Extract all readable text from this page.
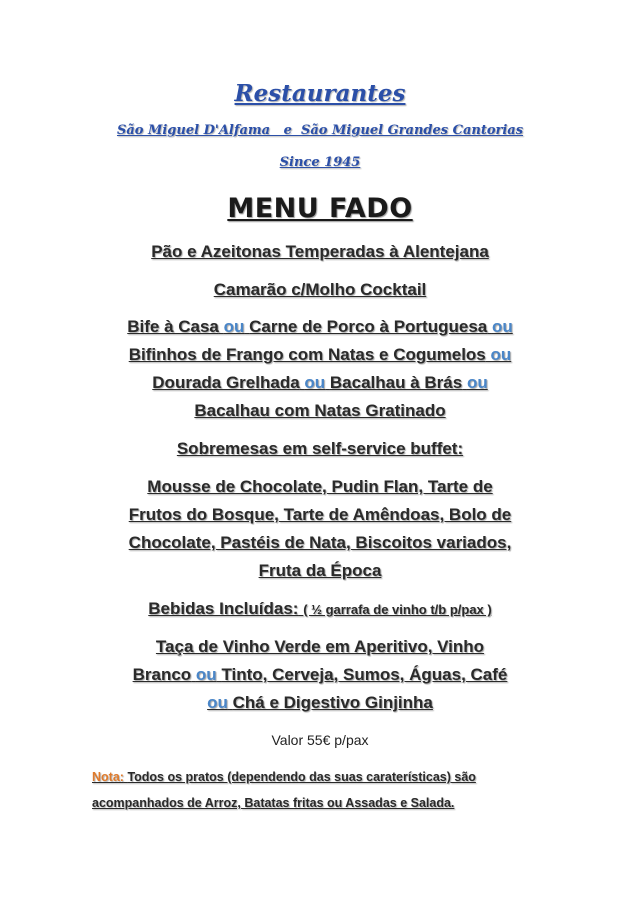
Restaurantes
São Miguel D'Alfama   e  São Miguel Grandes Cantorias
Since 1945
MENU FADO
Pão e Azeitonas Temperadas à Alentejana
Camarão c/Molho Cocktail
Bife à Casa ou Carne de Porco à Portuguesa ou
Bifinhos de Frango com Natas e Cogumelos ou
Dourada Grelhada ou Bacalhau à Brás ou
Bacalhau com Natas Gratinado
Sobremesas em self-service buffet:
Mousse de Chocolate, Pudin Flan, Tarte de
Frutos do Bosque, Tarte de Amêndoas, Bolo de
Chocolate, Pastéis de Nata, Biscoitos variados,
Fruta da Época
Bebidas Incluídas: ( ½ garrafa de vinho t/b p/pax )
Taça de Vinho Verde em Aperitivo, Vinho
Branco ou Tinto, Cerveja, Sumos, Águas, Café
ou Chá e Digestivo Ginjinha
Valor 55€ p/pax
Nota: Todos os pratos (dependendo das suas caraterísticas) são
acompanhados de Arroz, Batatas fritas ou Assadas e Salada.
